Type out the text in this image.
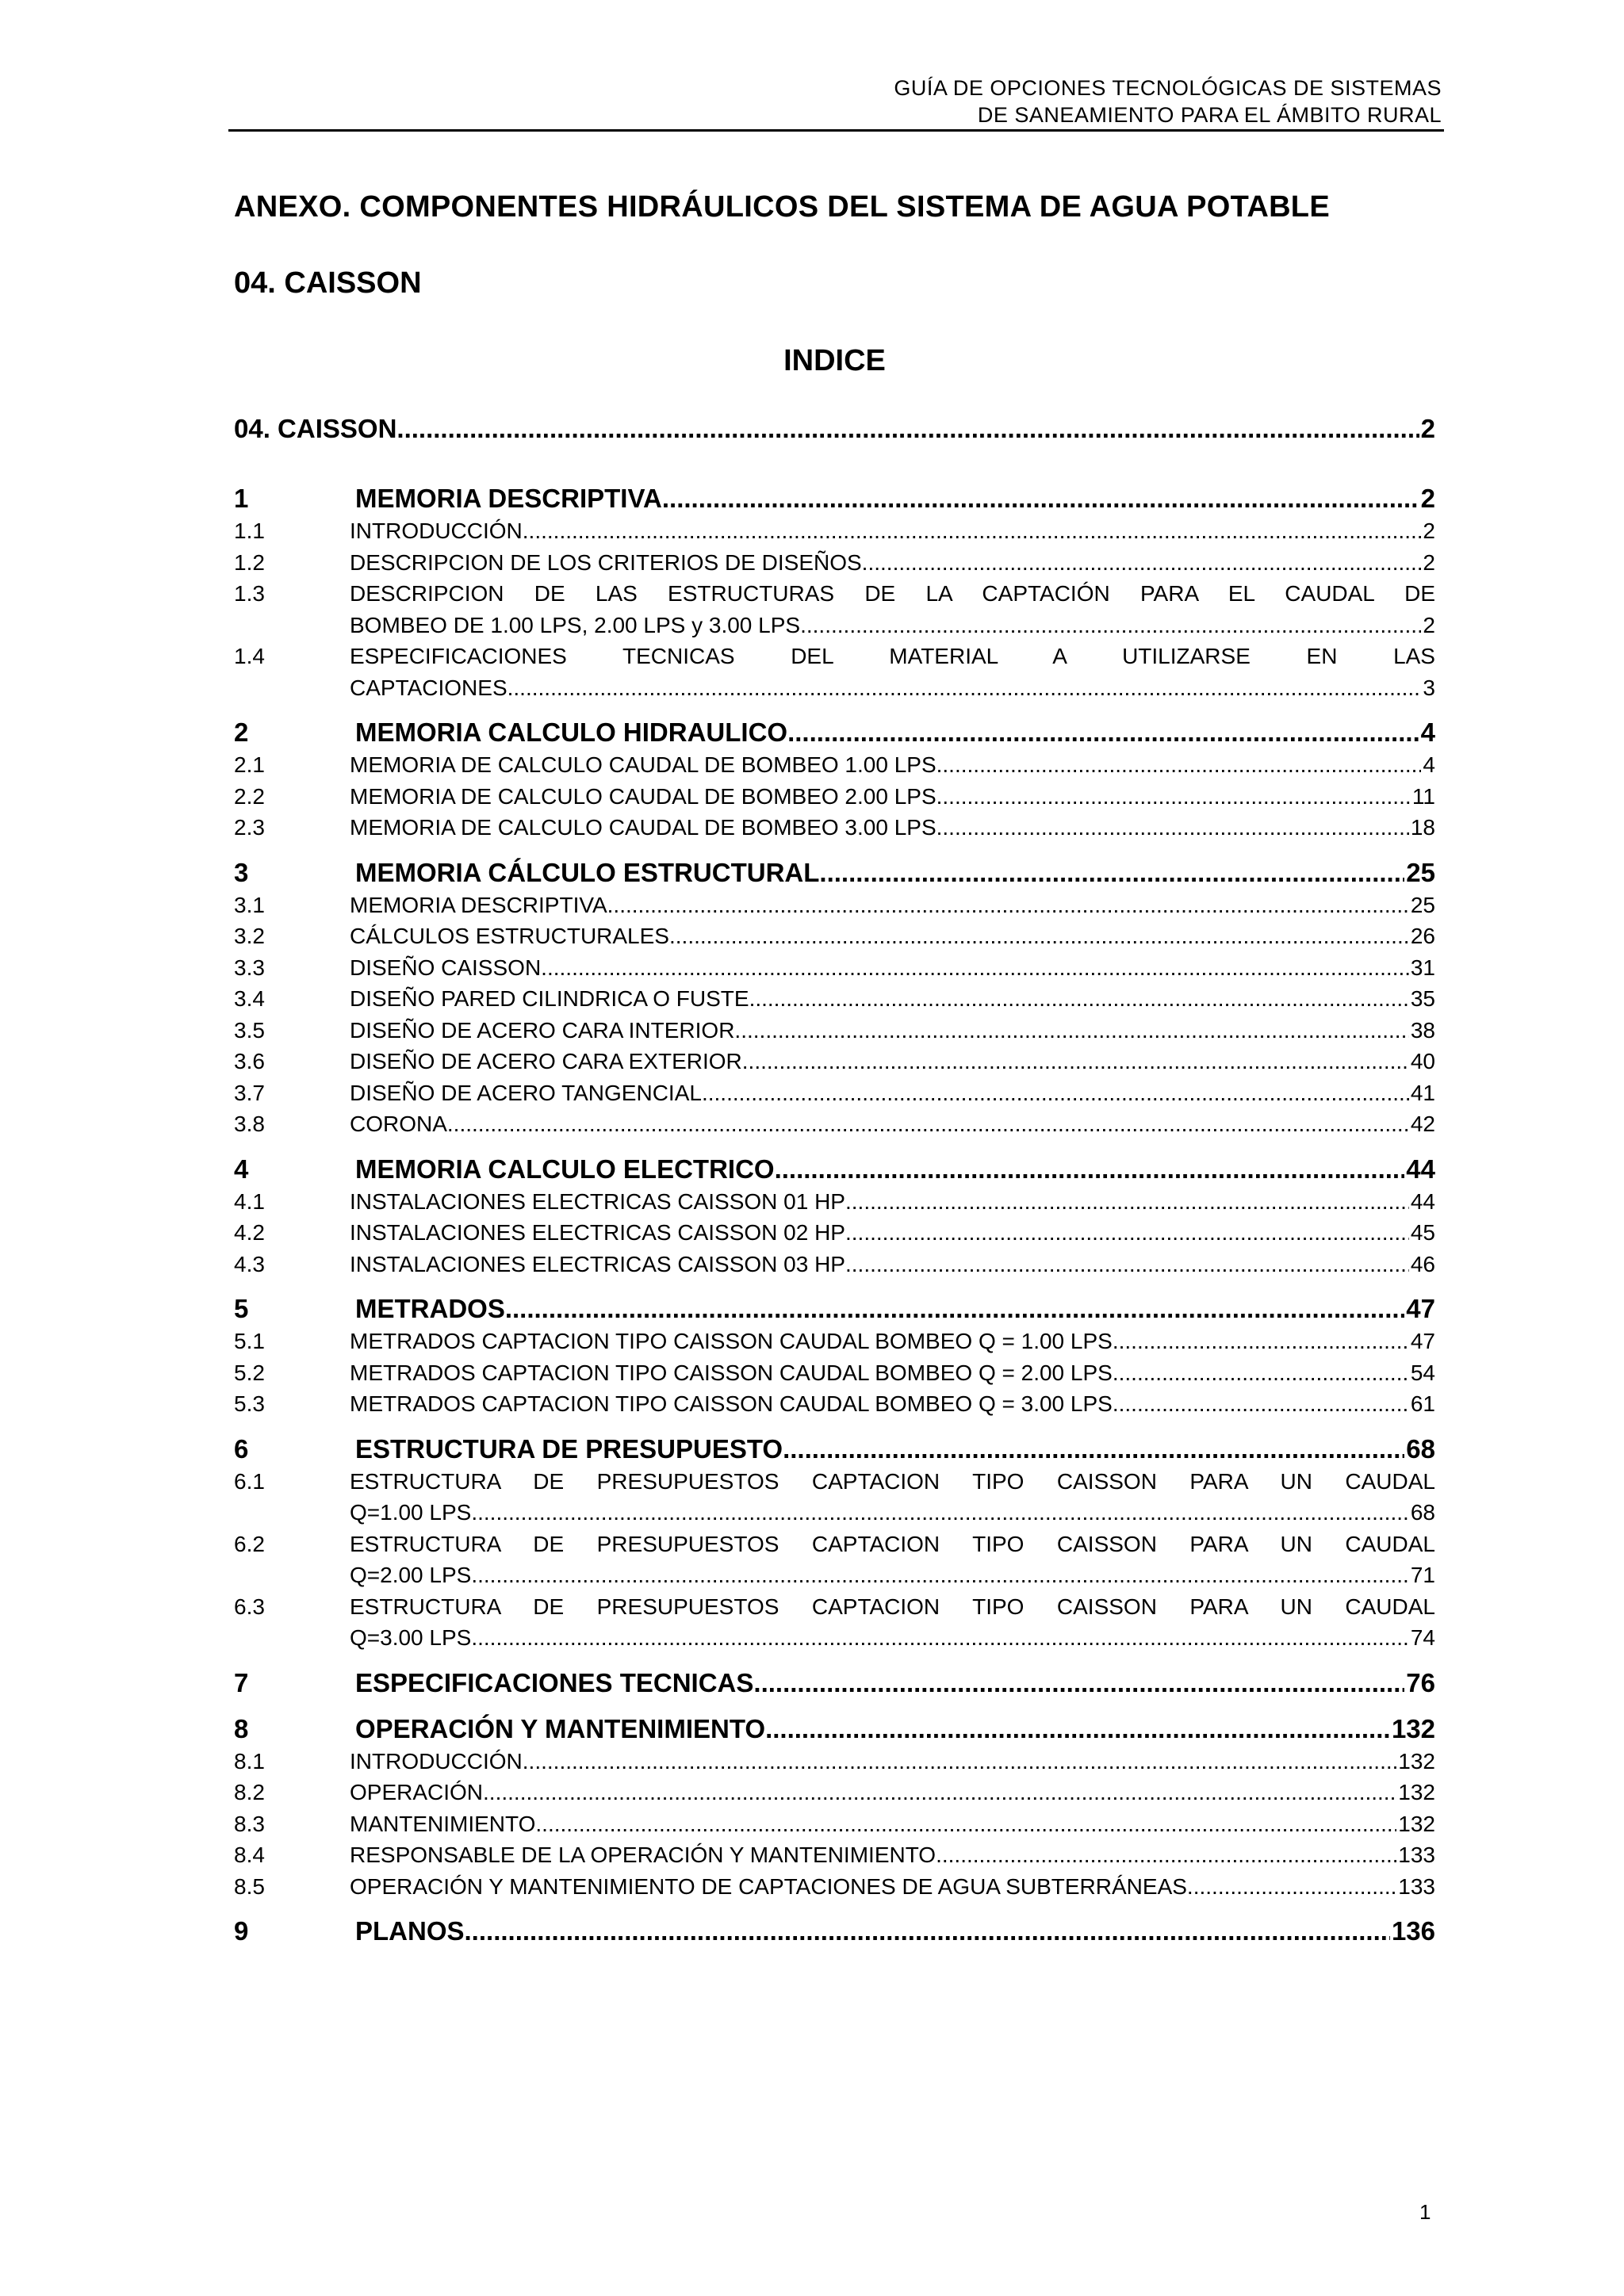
GUÍA DE OPCIONES TECNOLÓGICAS DE SISTEMAS
DE SANEAMIENTO PARA EL ÁMBITO RURAL
ANEXO. COMPONENTES HIDRÁULICOS DEL SISTEMA DE AGUA POTABLE
04. CAISSON
INDICE
04. CAISSON .....	2
1	MEMORIA DESCRIPTIVA .....	2
1.1	INTRODUCCIÓN .....	2
1.2	DESCRIPCION DE LOS CRITERIOS DE DISEÑOS .....	2
1.3	DESCRIPCION DE LAS ESTRUCTURAS DE LA CAPTACIÓN PARA EL CAUDAL DE
BOMBEO DE 1.00 LPS, 2.00 LPS y 3.00 LPS .....	2
1.4	ESPECIFICACIONES TECNICAS DEL MATERIAL A UTILIZARSE EN LAS
CAPTACIONES .....	3
2	MEMORIA CALCULO HIDRAULICO .....	4
2.1	MEMORIA DE CALCULO CAUDAL DE BOMBEO 1.00 LPS .....	4
2.2	MEMORIA DE CALCULO CAUDAL DE BOMBEO 2.00 LPS .....	11
2.3	MEMORIA DE CALCULO CAUDAL DE BOMBEO 3.00 LPS .....	18
3	MEMORIA CÁLCULO ESTRUCTURAL .....	25
3.1	MEMORIA DESCRIPTIVA .....	25
3.2	CÁLCULOS ESTRUCTURALES .....	26
3.3	DISEÑO CAISSON .....	31
3.4	DISEÑO PARED CILINDRICA O FUSTE .....	35
3.5	DISEÑO DE ACERO CARA INTERIOR .....	38
3.6	DISEÑO DE ACERO CARA EXTERIOR .....	40
3.7	DISEÑO DE ACERO TANGENCIAL .....	41
3.8	CORONA .....	42
4	MEMORIA CALCULO ELECTRICO .....	44
4.1	INSTALACIONES ELECTRICAS CAISSON 01 HP .....	44
4.2	INSTALACIONES ELECTRICAS CAISSON 02 HP .....	45
4.3	INSTALACIONES ELECTRICAS CAISSON 03 HP .....	46
5	METRADOS .....	47
5.1	METRADOS CAPTACION TIPO CAISSON CAUDAL BOMBEO Q = 1.00 LPS .....	47
5.2	METRADOS CAPTACION TIPO CAISSON CAUDAL BOMBEO Q = 2.00 LPS .....	54
5.3	METRADOS CAPTACION TIPO CAISSON CAUDAL BOMBEO Q = 3.00 LPS .....	61
6	ESTRUCTURA DE PRESUPUESTO .....	68
6.1	ESTRUCTURA DE PRESUPUESTOS CAPTACION TIPO CAISSON PARA UN CAUDAL
Q=1.00 LPS .....	68
6.2	ESTRUCTURA DE PRESUPUESTOS CAPTACION TIPO CAISSON PARA UN CAUDAL
Q=2.00 LPS .....	71
6.3	ESTRUCTURA DE PRESUPUESTOS CAPTACION TIPO CAISSON PARA UN CAUDAL
Q=3.00 LPS .....	74
7	ESPECIFICACIONES TECNICAS .....	76
8	OPERACIÓN Y MANTENIMIENTO .....	132
8.1	INTRODUCCIÓN .....	132
8.2	OPERACIÓN .....	132
8.3	MANTENIMIENTO .....	132
8.4	RESPONSABLE DE LA OPERACIÓN Y MANTENIMIENTO .....	133
8.5	OPERACIÓN Y MANTENIMIENTO DE CAPTACIONES DE AGUA SUBTERRÁNEAS .....	133
9	PLANOS .....	136
1
